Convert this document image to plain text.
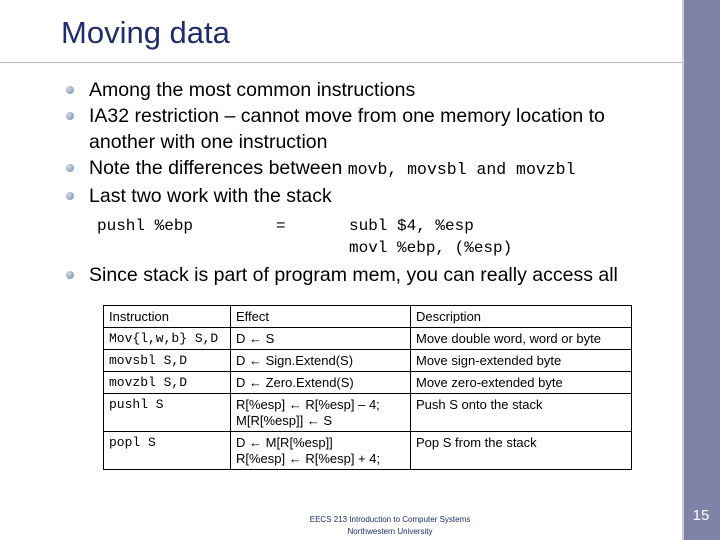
Moving data
15
Among the most common instructions
IA32 restriction – cannot move from one memory location to
another with one instruction
Note the differences between movb, movsbl and movzbl
Last two work with the stack
pushl %ebp	=	subl $4, %esp
movl %ebp, (%esp)
Since stack is part of program mem, you can really access all
Instruction	Effect	Description
Mov{l,w,b} S,D	D ← S	Move double word, word or byte
movsbl S,D	D ← Sign.Extend(S)	Move sign-extended byte
movzbl S,D	D ← Zero.Extend(S)	Move zero-extended byte
pushl S	R[%esp] ← R[%esp] – 4;
M[R[%esp]] ← S	Push S onto the stack
popl S	D ← M[R[%esp]]
R[%esp] ← R[%esp] + 4;	Pop S from the stack
EECS 213 Introduction to Computer Systems
Northwestern University
